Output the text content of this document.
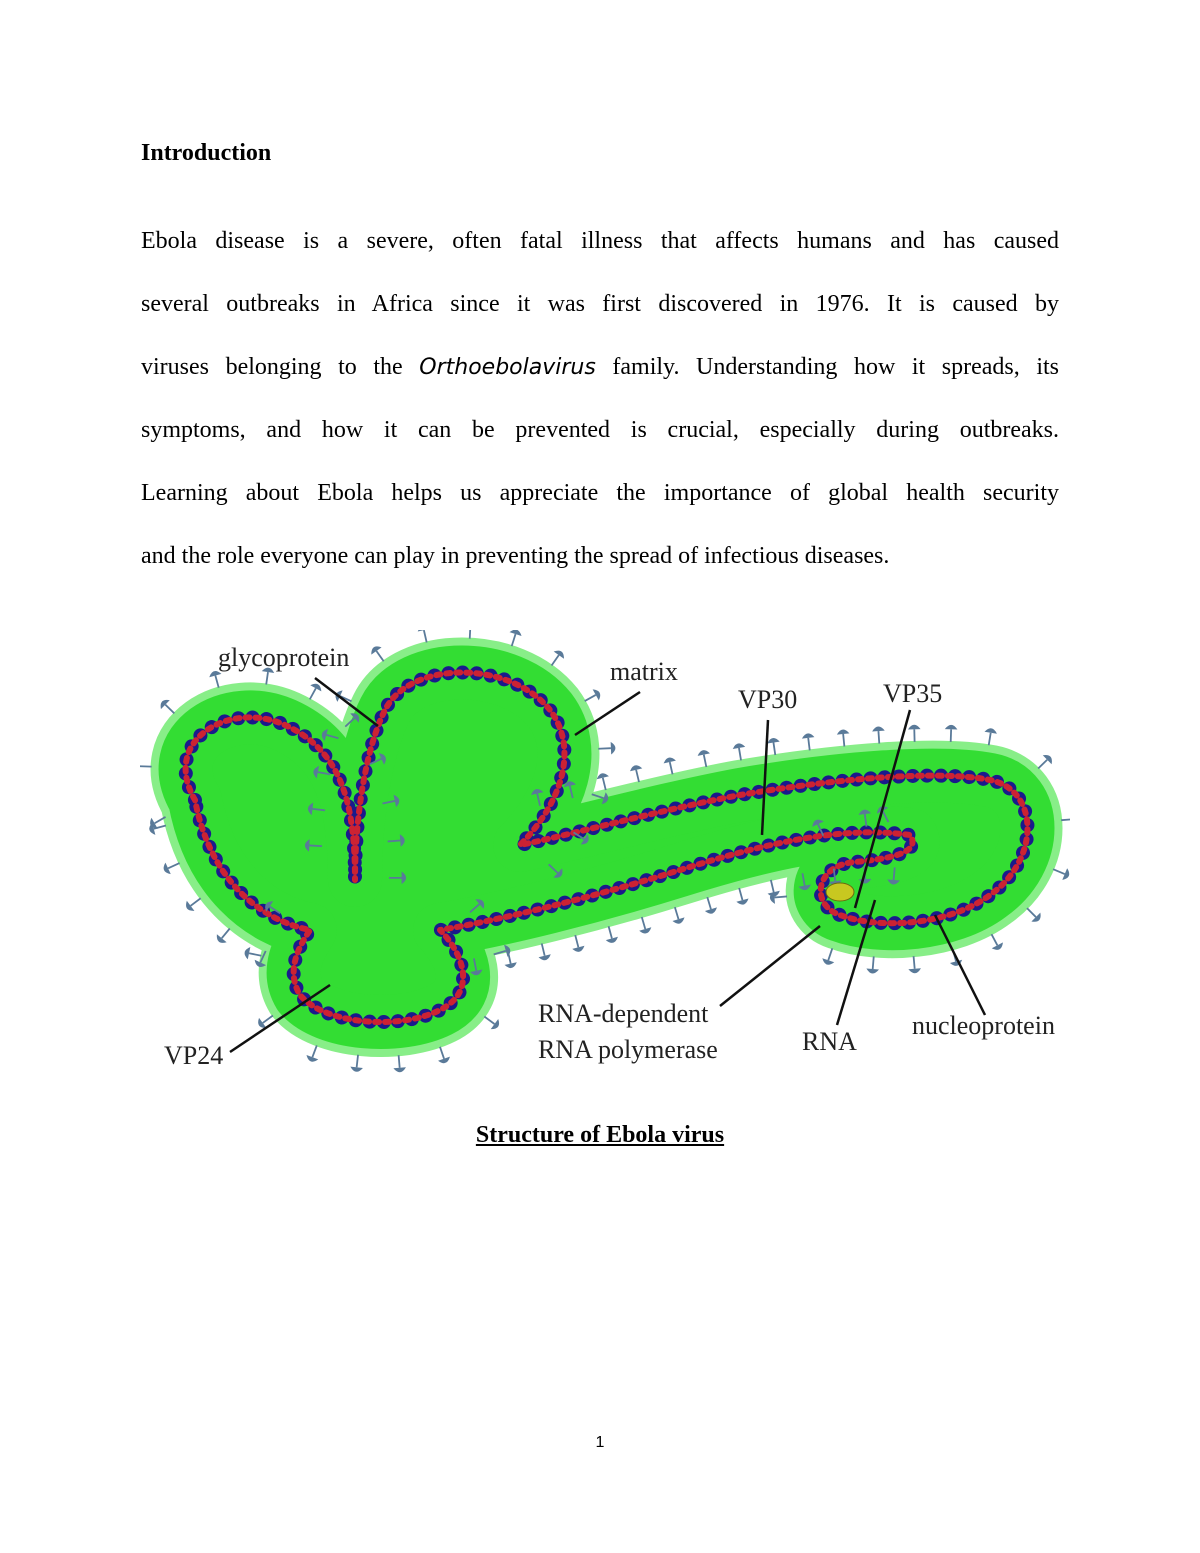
Introduction
Ebola disease is a severe, often fatal illness that affects humans and has caused
several outbreaks in Africa since it was first discovered in 1976. It is caused by
viruses belonging to the Orthoebolavirus family. Understanding how it spreads, its
symptoms, and how it can be prevented is crucial, especially during outbreaks.
Learning about Ebola helps us appreciate the importance of global health security
and the role everyone can play in preventing the spread of infectious diseases.
glycoprotein	matrix
VP30	VP35
VP24
RNA-dependent
RNA polymerase	RNA
nucleoprotein
Structure of Ebola virus
1
